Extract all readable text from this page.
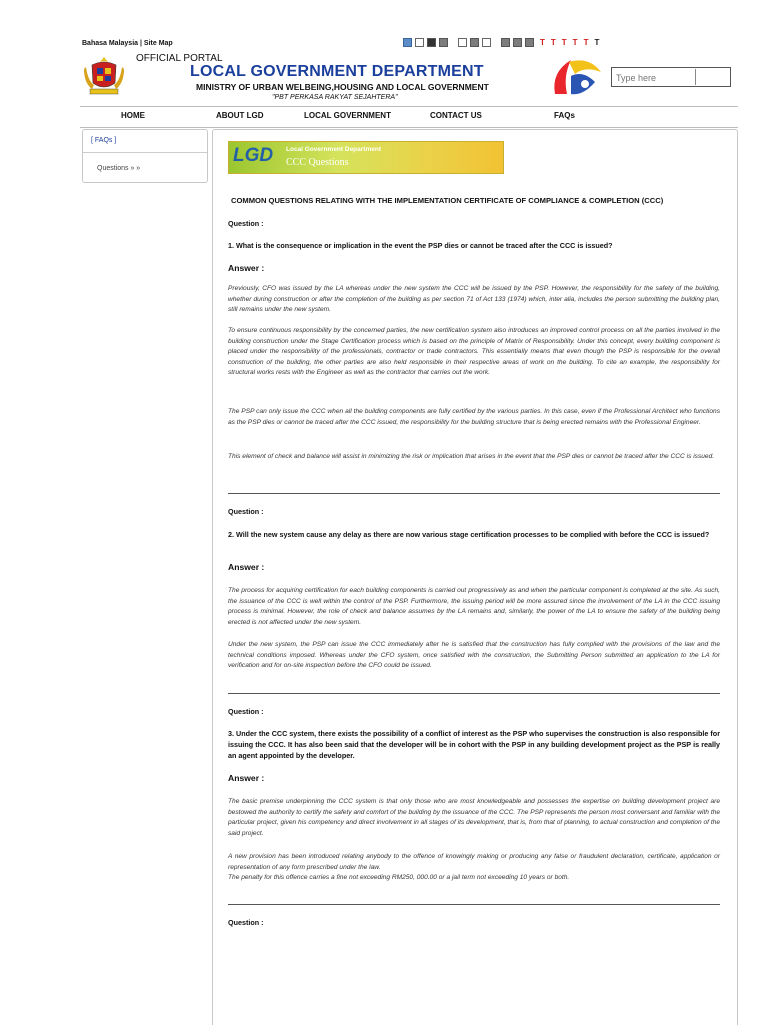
Bahasa Malaysia | Site Map	T T T T T T
OFFICIAL PORTAL
LOCAL GOVERNMENT DEPARTMENT
MINISTRY OF URBAN WELBEING,HOUSING AND LOCAL GOVERNMENT
"PBT PERKASA RAKYAT SEJAHTERA"
Type here
HOME	ABOUT LGD	LOCAL GOVERNMENT	CONTACT US	FAQs
[ FAQs ]
Questions » »
LGD Local Government Department
CCC Questions
COMMON QUESTIONS RELATING WITH THE IMPLEMENTATION CERTIFICATE OF COMPLIANCE & COMPLETION (CCC)
Question :
1. What is the consequence or implication in the event the PSP dies or cannot be traced after the CCC is issued?
Answer :
Previously, CFO was issued by the LA whereas under the new system the CCC will be issued by the PSP. However, the responsibility for the safety of the building, whether during construction or after the completion of the building as per section 71 of Act 133 (1974) which, inter alia, includes the person submitting the building plan, still remains under the new system.
To ensure continuous responsibility by the concerned parties, the new certification system also introduces an improved control process on all the parties involved in the building construction under the Stage Certification process which is based on the principle of Matrix of Responsibility. Under this concept, every building component is placed under the responsibility of the professionals, contractor or trade contractors. This essentially means that even though the PSP is responsible for the overall construction of the building, the other parties are also held responsible in their respective areas of work on the building. To cite an example, the responsibility for structural works rests with the Engineer as well as the contractor that carries out the work.
The PSP can only issue the CCC when all the building components are fully certified by the various parties. In this case, even if the Professional Architect who functions as the PSP dies or cannot be traced after the CCC issued, the responsibility for the building structure that is being erected remains with the Professional Engineer.
This element of check and balance will assist in minimizing the risk or implication that arises in the event that the PSP dies or cannot be traced after the CCC is issued.
Question :
2. Will the new system cause any delay as there are now various stage certification processes to be complied with before the CCC is issued?
Answer :
The process for acquiring certification for each building components is carried out progressively as and when the particular component is completed at the site. As such, the issuance of the CCC is well within the control of the PSP. Furthermore, the issuing period will be more assured since the involvement of the LA in the CCC issuing process is minimal. However, the role of check and balance assumes by the LA remains and, similarly, the power of the LA to ensure the safety of the building being erected is not affected under the new system.
Under the new system, the PSP can issue the CCC immediately after he is satisfied that the construction has fully complied with the provisions of the law and the technical conditions imposed. Whereas under the CFO system, once satisfied with the construction, the Submitting Person submitted an application to the LA for verification and for on-site inspection before the CFO could be issued.
Question :
3. Under the CCC system, there exists the possibility of a conflict of interest as the PSP who supervises the construction is also responsible for issuing the CCC. It has also been said that the developer will be in cohort with the PSP in any building development project as the PSP is really an agent appointed by the developer.
Answer :
The basic premise underpinning the CCC system is that only those who are most knowledgeable and possesses the expertise on building development project are bestowed the authority to certify the safety and comfort of the building by the issuance of the CCC. The PSP represents the person most conversant and familiar with the particular project, given his competency and direct involvement in all stages of its development, that is, from that of planning, to actual construction and completion of the said project.
A new provision has been introduced relating anybody to the offence of knowingly making or producing any false or fraudulent declaration, certificate, application or representation of any form prescribed under the law.
The penalty for this offence carries a fine not exceeding RM250, 000.00 or a jail term not exceeding 10 years or both.
Question :
